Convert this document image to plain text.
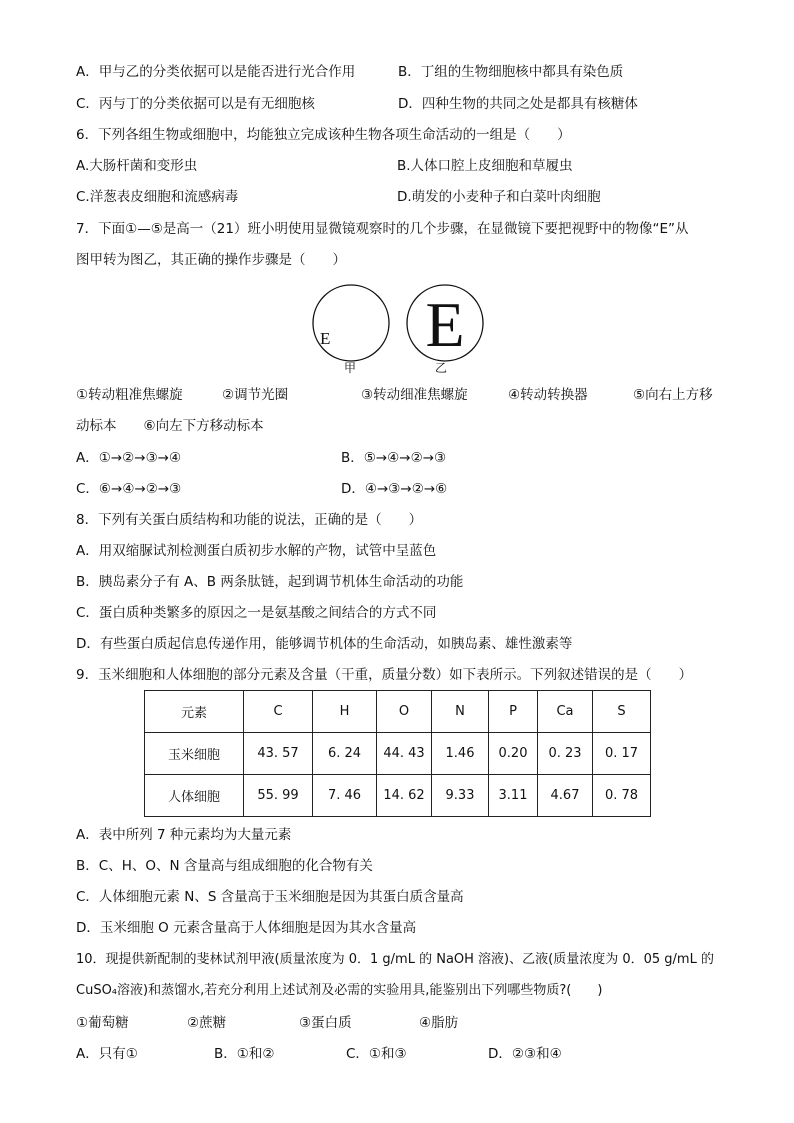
A．甲与乙的分类依据可以是能否进行光合作用	B．丁组的生物细胞核中都具有染色质
C．丙与丁的分类依据可以是有无细胞核	D．四种生物的共同之处是都具有核糖体
6．下列各组生物或细胞中，均能独立完成该种生物各项生命活动的一组是（　　）
A.大肠杆菌和变形虫	B.人体口腔上皮细胞和草履虫
C.洋葱表皮细胞和流感病毒	D.萌发的小麦种子和白菜叶肉细胞
7．下面①—⑤是高一（21）班小明使用显微镜观察时的几个步骤，在显微镜下要把视野中的物像“E”从
图甲转为图乙，其正确的操作步骤是（　　）
E
甲
E
乙
①转动粗准焦螺旋	②调节光圈	③转动细准焦螺旋	④转动转换器	⑤向右上方移
动标本　　⑥向左下方移动标本
A．①→②→③→④	B．⑤→④→②→③
C．⑥→④→②→③	D．④→③→②→⑥
8．下列有关蛋白质结构和功能的说法，正确的是（　　）
A．用双缩脲试剂检测蛋白质初步水解的产物，试管中呈蓝色
B．胰岛素分子有 A、B 两条肽链，起到调节机体生命活动的功能
C．蛋白质种类繁多的原因之一是氨基酸之间结合的方式不同
D．有些蛋白质起信息传递作用，能够调节机体的生命活动，如胰岛素、雄性激素等
9．玉米细胞和人体细胞的部分元素及含量（干重，质量分数）如下表所示。下列叙述错误的是（　　）
元素	C	H	O	N	P	Ca	S
玉米细胞	43. 57	6. 24	44. 43	1.46	0.20	0. 23	0. 17
人体细胞	55. 99	7. 46	14. 62	9.33	3.11	4.67	0. 78
A．表中所列 7 种元素均为大量元素
B．C、H、O、N 含量高与组成细胞的化合物有关
C．人体细胞元素 N、S 含量高于玉米细胞是因为其蛋白质含量高
D．玉米细胞 O 元素含量高于人体细胞是因为其水含量高
10．现提供新配制的斐林试剂甲液(质量浓度为 0．1 g/mL 的 NaOH 溶液)、乙液(质量浓度为 0．05 g/mL 的
CuSO₄溶液)和蒸馏水,若充分利用上述试剂及必需的实验用具,能鉴别出下列哪些物质?(　　)
①葡萄糖	②蔗糖	③蛋白质	④脂肪
A．只有①	B．①和②	C．①和③	D．②③和④
